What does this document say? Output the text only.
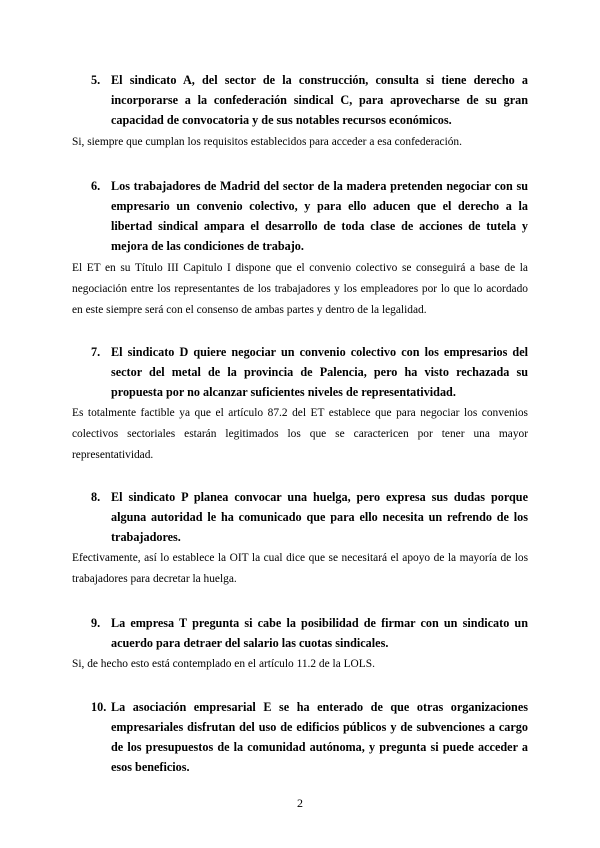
5. El sindicato A, del sector de la construcción, consulta si tiene derecho a incorporarse a la confederación sindical C, para aprovecharse de su gran capacidad de convocatoria y de sus notables recursos económicos.
Si, siempre que cumplan los requisitos establecidos para acceder a esa confederación.
6. Los trabajadores de Madrid del sector de la madera pretenden negociar con su empresario un convenio colectivo, y para ello aducen que el derecho a la libertad sindical ampara el desarrollo de toda clase de acciones de tutela y mejora de las condiciones de trabajo.
El ET en su Título III Capitulo I dispone que el convenio colectivo se conseguirá a base de la negociación entre los representantes de los trabajadores y los empleadores por lo que lo acordado en este siempre será con el consenso de ambas partes y dentro de la legalidad.
7. El sindicato D quiere negociar un convenio colectivo con los empresarios del sector del metal de la provincia de Palencia, pero ha visto rechazada su propuesta por no alcanzar suficientes niveles de representatividad.
Es totalmente factible ya que el artículo 87.2 del ET establece que para negociar los convenios colectivos sectoriales estarán legitimados los que se caractericen por tener una mayor representatividad.
8. El sindicato P planea convocar una huelga, pero expresa sus dudas porque alguna autoridad le ha comunicado que para ello necesita un refrendo de los trabajadores.
Efectivamente, así lo establece la OIT la cual dice que se necesitará el apoyo de la mayoría de los trabajadores para decretar la huelga.
9. La empresa T pregunta si cabe la posibilidad de firmar con un sindicato un acuerdo para detraer del salario las cuotas sindicales.
Si, de hecho esto está contemplado en el artículo 11.2 de la LOLS.
10. La asociación empresarial E se ha enterado de que otras organizaciones empresariales disfrutan del uso de edificios públicos y de subvenciones a cargo de los presupuestos de la comunidad autónoma, y pregunta si puede acceder a esos beneficios.
2
